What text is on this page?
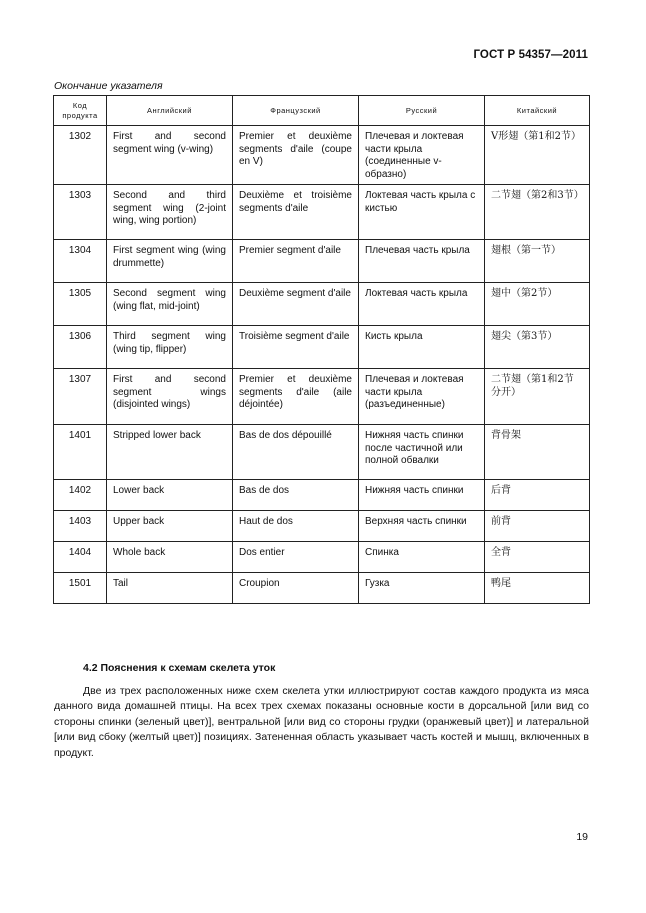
ГОСТ Р 54357—2011
Окончание указателя
Код продукта	Английский	Французский	Русский	Китайский
1302	First and second segment wing (v-wing)	Premier et deuxième segments d'aile (coupe en V)	Плечевая и локтевая части крыла (соединенные v-образно)	V形翅（第1和2节）
1303	Second and third segment wing (2-joint wing, wing portion)	Deuxième et troisième segments d'aile	Локтевая часть крыла с кистью	二节翅（第2和3节）
1304	First segment wing (wing drummette)	Premier segment d'aile	Плечевая часть крыла	翅根（第一节）
1305	Second segment wing (wing flat, mid-joint)	Deuxième segment d'aile	Локтевая часть крыла	翅中（第2节）
1306	Third segment wing (wing tip, flipper)	Troisième segment d'aile	Кисть крыла	翅尖（第3节）
1307	First and second segment wings (disjointed wings)	Premier et deuxième segments d'aile (aile déjointée)	Плечевая и локтевая части крыла (разъединенные)	二节翅（第1和2节分开）
1401	Stripped lower back	Bas de dos dépouillé	Нижняя часть спинки после частичной или полной обвалки	背骨架
1402	Lower back	Bas de dos	Нижняя часть спинки	后背
1403	Upper back	Haut de dos	Верхняя часть спинки	前背
1404	Whole back	Dos entier	Спинка	全背
1501	Tail	Croupion	Гузка	鸭尾
4.2 Пояснения к схемам скелета уток
Две из трех расположенных ниже схем скелета утки иллюстрируют состав каждого продукта из мяса данного вида домашней птицы. На всех трех схемах показаны основные кости в дорсальной [или вид со стороны спинки (зеленый цвет)], вентральной [или вид со стороны грудки (оранжевый цвет)] и латеральной [или вид сбоку (желтый цвет)] позициях. Затененная область указывает часть костей и мышц, включенных в продукт.
19
